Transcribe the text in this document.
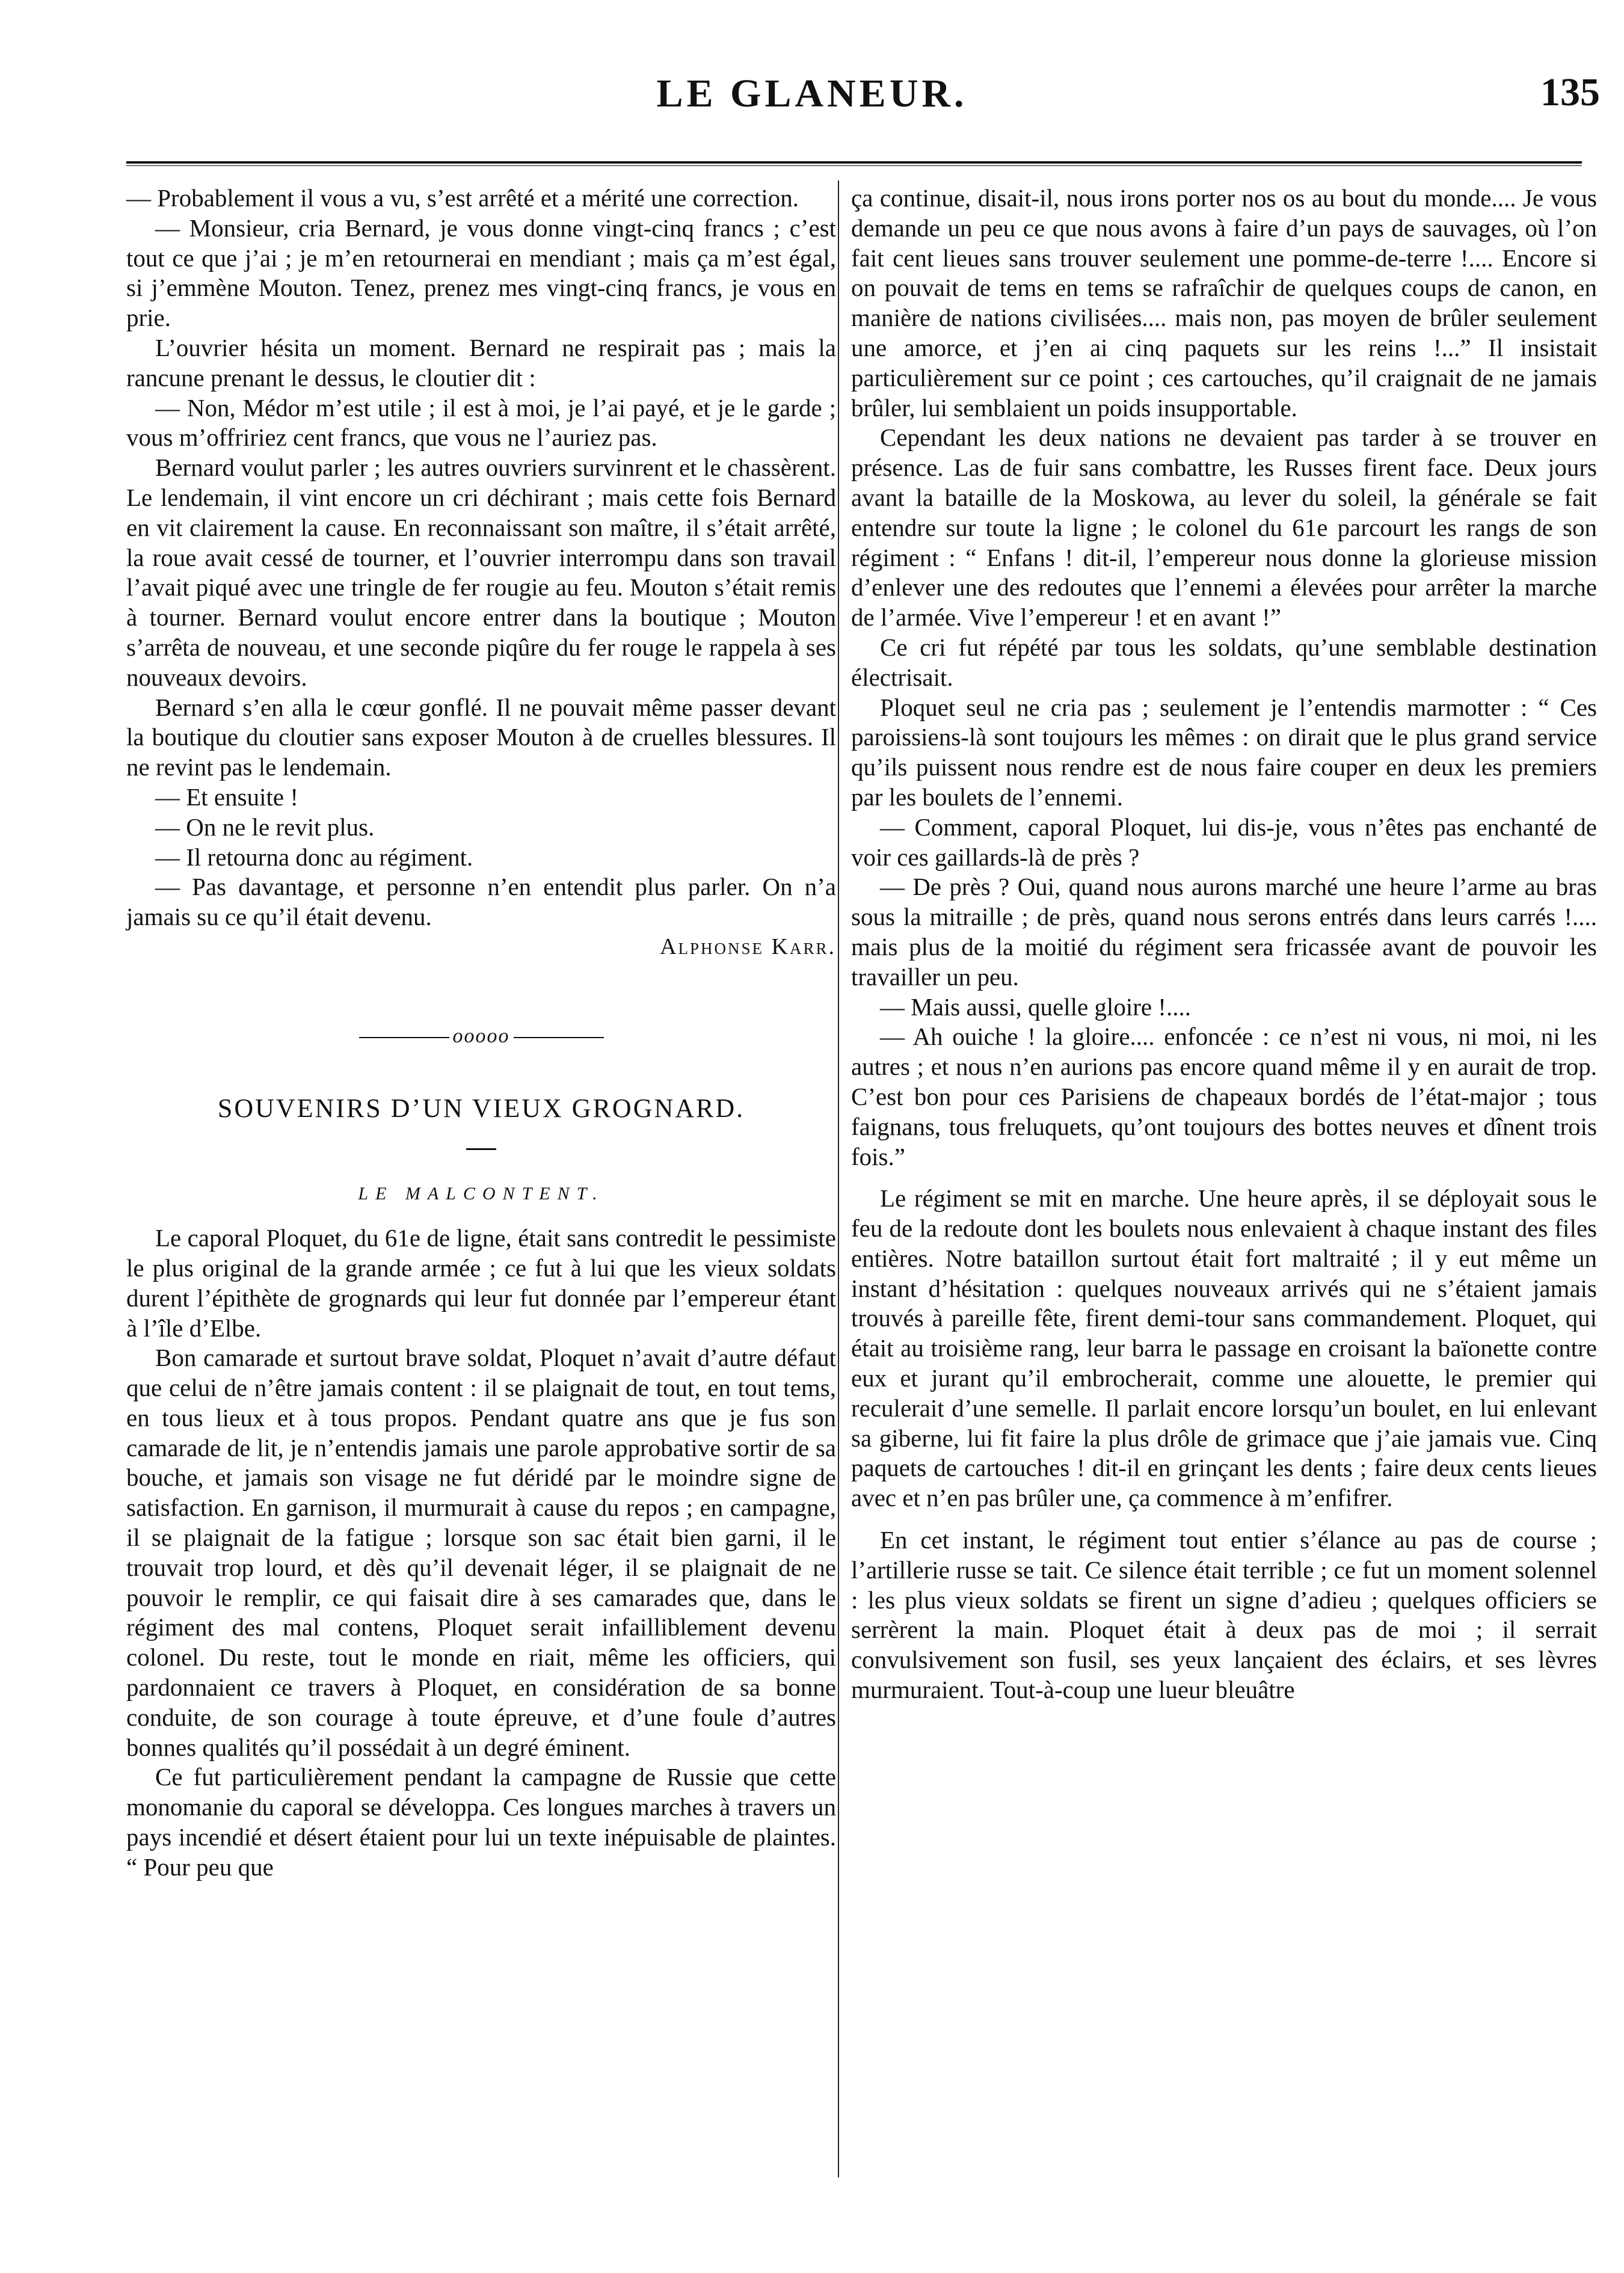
LE GLANEUR.	135

— Probablement il vous a vu, s’est arrêté et a mérité une correction.

— Monsieur, cria Bernard, je vous donne vingt-cinq francs ; c’est tout ce que j’ai ; je m’en retournerai en mendiant ; mais ça m’est égal, si j’emmène Mouton. Tenez, prenez mes vingt-cinq francs, je vous en prie.

L’ouvrier hésita un moment. Bernard ne respirait pas ; mais la rancune prenant le dessus, le cloutier dit :

— Non, Médor m’est utile ; il est à moi, je l’ai payé, et je le garde ; vous m’offririez cent francs, que vous ne l’auriez pas.

Bernard voulut parler ; les autres ouvriers survinrent et le chassèrent. Le lendemain, il vint encore un cri déchirant ; mais cette fois Bernard en vit clairement la cause. En reconnaissant son maître, il s’était arrêté, la roue avait cessé de tourner, et l’ouvrier interrompu dans son travail l’avait piqué avec une tringle de fer rougie au feu. Mouton s’était remis à tourner. Bernard voulut encore entrer dans la boutique ; Mouton s’arrêta de nouveau, et une seconde piqûre du fer rouge le rappela à ses nouveaux devoirs.

Bernard s’en alla le cœur gonflé. Il ne pouvait même passer devant la boutique du cloutier sans exposer Mouton à de cruelles blessures. Il ne revint pas le lendemain.

— Et ensuite !

— On ne le revit plus.

— Il retourna donc au régiment.

— Pas davantage, et personne n’en entendit plus parler. On n’a jamais su ce qu’il était devenu.

Alphonse Karr.

ooooo
SOUVENIRS D’UN VIEUX GROGNARD.
LE MALCONTENT.

Le caporal Ploquet, du 61e de ligne, était sans contredit le pessimiste le plus original de la grande armée ; ce fut à lui que les vieux soldats durent l’épithète de grognards qui leur fut donnée par l’empereur étant à l’île d’Elbe.

Bon camarade et surtout brave soldat, Ploquet n’avait d’autre défaut que celui de n’être jamais content : il se plaignait de tout, en tout tems, en tous lieux et à tous propos. Pendant quatre ans que je fus son camarade de lit, je n’entendis jamais une parole approbative sortir de sa bouche, et jamais son visage ne fut déridé par le moindre signe de satisfaction. En garnison, il murmurait à cause du repos ; en campagne, il se plaignait de la fatigue ; lorsque son sac était bien garni, il le trouvait trop lourd, et dès qu’il devenait léger, il se plaignait de ne pouvoir le remplir, ce qui faisait dire à ses camarades que, dans le régiment des mal contens, Ploquet serait infailliblement devenu colonel. Du reste, tout le monde en riait, même les officiers, qui pardonnaient ce travers à Ploquet, en considération de sa bonne conduite, de son courage à toute épreuve, et d’une foule d’autres bonnes qualités qu’il possédait à un degré éminent.

Ce fut particulièrement pendant la campagne de Russie que cette monomanie du caporal se développa. Ces longues marches à travers un pays incendié et désert étaient pour lui un texte inépuisable de plaintes. “ Pour peu que

ça continue, disait-il, nous irons porter nos os au bout du monde.... Je vous demande un peu ce que nous avons à faire d’un pays de sauvages, où l’on fait cent lieues sans trouver seulement une pomme-de-terre !.... Encore si on pouvait de tems en tems se rafraîchir de quelques coups de canon, en manière de nations civilisées.... mais non, pas moyen de brûler seulement une amorce, et j’en ai cinq paquets sur les reins !...” Il insistait particulièrement sur ce point ; ces cartouches, qu’il craignait de ne jamais brûler, lui semblaient un poids insupportable.

Cependant les deux nations ne devaient pas tarder à se trouver en présence. Las de fuir sans combattre, les Russes firent face. Deux jours avant la bataille de la Moskowa, au lever du soleil, la générale se fait entendre sur toute la ligne ; le colonel du 61e parcourt les rangs de son régiment : “ Enfans ! dit-il, l’empereur nous donne la glorieuse mission d’enlever une des redoutes que l’ennemi a élevées pour arrêter la marche de l’armée. Vive l’empereur ! et en avant !”

Ce cri fut répété par tous les soldats, qu’une semblable destination électrisait.

Ploquet seul ne cria pas ; seulement je l’entendis marmotter : “ Ces paroissiens-là sont toujours les mêmes : on dirait que le plus grand service qu’ils puissent nous rendre est de nous faire couper en deux les premiers par les boulets de l’ennemi.

— Comment, caporal Ploquet, lui dis-je, vous n’êtes pas enchanté de voir ces gaillards-là de près ?

— De près ? Oui, quand nous aurons marché une heure l’arme au bras sous la mitraille ; de près, quand nous serons entrés dans leurs carrés !.... mais plus de la moitié du régiment sera fricassée avant de pouvoir les travailler un peu.

— Mais aussi, quelle gloire !....

— Ah ouiche ! la gloire.... enfoncée : ce n’est ni vous, ni moi, ni les autres ; et nous n’en aurions pas encore quand même il y en aurait de trop. C’est bon pour ces Parisiens de chapeaux bordés de l’état-major ; tous faignans, tous freluquets, qu’ont toujours des bottes neuves et dînent trois fois.”

Le régiment se mit en marche. Une heure après, il se déployait sous le feu de la redoute dont les boulets nous enlevaient à chaque instant des files entières. Notre bataillon surtout était fort maltraité ; il y eut même un instant d’hésitation : quelques nouveaux arrivés qui ne s’étaient jamais trouvés à pareille fête, firent demi-tour sans commandement. Ploquet, qui était au troisième rang, leur barra le passage en croisant la baïonette contre eux et jurant qu’il embrocherait, comme une alouette, le premier qui reculerait d’une semelle. Il parlait encore lorsqu’un boulet, en lui enlevant sa giberne, lui fit faire la plus drôle de grimace que j’aie jamais vue. Cinq paquets de cartouches ! dit-il en grinçant les dents ; faire deux cents lieues avec et n’en pas brûler une, ça commence à m’enfifrer.

En cet instant, le régiment tout entier s’élance au pas de course ; l’artillerie russe se tait. Ce silence était terrible ; ce fut un moment solennel : les plus vieux soldats se firent un signe d’adieu ; quelques officiers se serrèrent la main. Ploquet était à deux pas de moi ; il serrait convulsivement son fusil, ses yeux lançaient des éclairs, et ses lèvres murmuraient. Tout-à-coup une lueur bleuâtre
